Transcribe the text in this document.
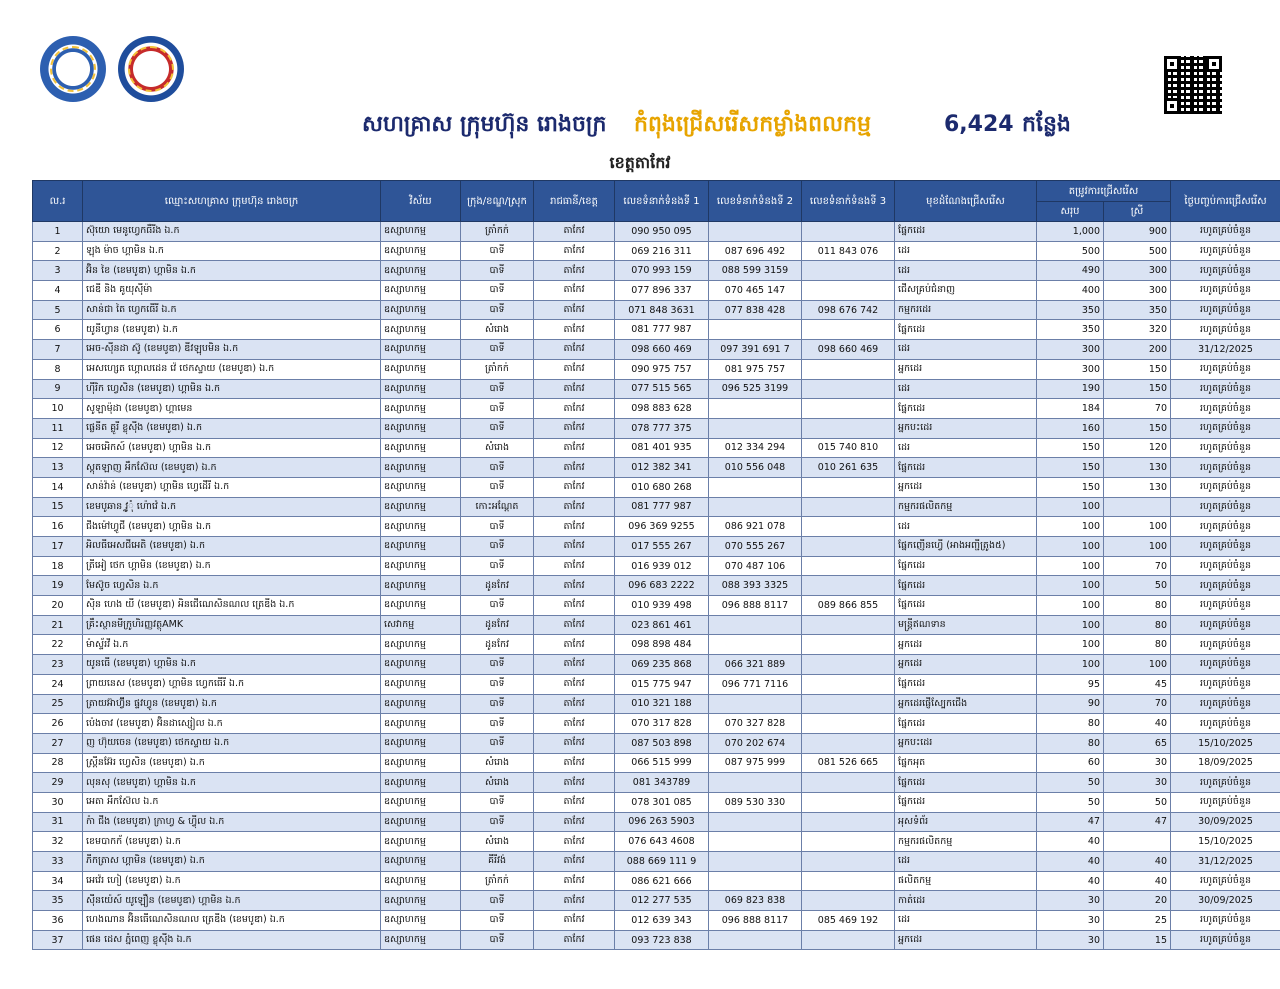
សហគ្រាស ក្រុមហ៊ុន រោងចក្រ កំពុងជ្រើសរើសកម្លាំងពលកម្ម	6,424 កន្លែង
ខេត្តតាកែវ
ល.រ	ឈ្មោះសហគ្រាស ក្រុមហ៊ុន រោងចក្រ	វិស័យ	ក្រុង/ខណ្ឌ/ស្រុក	រាជធានី/ខេត្ត	លេខទំនាក់ទំនងទី 1	លេខទំនាក់ទំនងទី 2	លេខទំនាក់ទំនងទី 3	មុខដំណែងជ្រើសរើស	តម្រូវការជ្រើសរើស		ថ្ងៃបញ្ចប់ការជ្រើសរើស
									សរុប	ស្រី	
1	ស៊ុយោ មេនូហ្វេកធឺរីង ឯ.ក	ឧស្សាហកម្ម	ត្រាំកក់	តាកែវ	090 950 095			ផ្នែកដេរ	1,000	900	រហូតគ្រប់ចំនួន
2	ឡុង ម៉ាច ហ្គាមិន ឯ.ក	ឧស្សាហកម្ម	បាទី	តាកែវ	069 216 311	087 696 492	011 843 076	ដេរ	500	500	រហូតគ្រប់ចំនួន
3	អ៊ិន ខៃ (ខេមបូឌា) ហ្គាមិន ឯ.ក	ឧស្សាហកម្ម	បាទី	តាកែវ	070 993 159	088 599 3159		ដេរ	490	300	រហូតគ្រប់ចំនួន
4	ជេឌី និង គូយុស៊ីម៉ា	ឧស្សាហកម្ម	បាទី	តាកែវ	077 896 337	070 465 147		ជើសគ្រប់ជំនាញ	400	300	រហូតគ្រប់ចំនួន
5	សាន់ជា តៃ ហ្វេកធើរី ឯ.ក	ឧស្សាហកម្ម	បាទី	តាកែវ	071 848 3631	077 838 428	098 676 742	កម្មករដេរ	350	350	រហូតគ្រប់ចំនួន
6	យូនីហ្វាន (ខេមបូឌា) ឯ.ក	ឧស្សាហកម្ម	សំរោង	តាកែវ	081 777 987			ផ្នែកដេរ	350	320	រហូតគ្រប់ចំនួន
7	អេច-ស៊ីនដា ស៊ូ (ខេមបូឌា) ឌីវឡុបមិន ឯ.ក	ឧស្សាហកម្ម	បាទី	តាកែវ	098 660 469	097 391 691 7	098 660 469	ដេរ	300	200	31/12/2025
8	អេសហ្សេត ហ្គោលដេន វ៉េ ថេកស្ទាយ (ខេមបូឌា) ឯ.ក	ឧស្សាហកម្ម	ត្រាំកក់	តាកែវ	090 975 757	081 975 757		អ្នកដេរ	300	150	រហូតគ្រប់ចំនួន
9	ហ៊ីរិក ហ្វេសិន (ខេមបូឌា) ហ្គាមិន ឯ.ក	ឧស្សាហកម្ម	បាទី	តាកែវ	077 515 565	096 525 3199		ដេរ	190	150	រហូតគ្រប់ចំនួន
10	សូឡាម៉ុដា (ខេមបូឌា) ហ្គាមេន	ឧស្សាហកម្ម	បាទី	តាកែវ	098 883 628			ផ្នែកដេរ	184	70	រហូតគ្រប់ចំនួន
11	ផ្លេនីត គ្លូរី ខ្លុស៊ីង (ខេមបូឌា) ឯ.ក	ឧស្សាហកម្ម	បាទី	តាកែវ	078 777 375			អ្នកបះដេរ	160	150	រហូតគ្រប់ចំនួន
12	អេចអេិកស៍ (ខេមបូឌា) ហ្គាមិន ឯ.ក	ឧស្សាហកម្ម	សំរោង	តាកែវ	081 401 935	012 334 294	015 740 810	ដេរ	150	120	រហូតគ្រប់ចំនួន
13	ស្តុតឡាញ អឹកស៊ែល (ខេមបូឌា) ឯ.ក	ឧស្សាហកម្ម	បាទី	តាកែវ	012 382 341	010 556 048	010 261 635	ផ្នែកដេរ	150	130	រហូតគ្រប់ចំនួន
14	សាន់វ៉ាន់ (ខេមបូឌា) ហ្គាមិន ហ្វេដើរី ឯ.ក	ឧស្សាហកម្ម	បាទី	តាកែវ	010 680 268			អ្នកដេរ	150	130	រហូតគ្រប់ចំនួន
15	ខេមបូឆាន វូ្តុំ ហ៉ោវ៉េ ឯ.ក	ឧស្សាហកម្ម	កោះអណ្តែត	តាកែវ	081 777 987			កម្មករផលិតកម្ម	100		រហូតគ្រប់ចំនួន
16	ជីងម៉ៅហ្វូជី (ខេមបូឌា) ហ្គាមិន ឯ.ក	ឧស្សាហកម្ម	បាទី	តាកែវ	096 369 9255	086 921 078		ដេរ	100	100	រហូតគ្រប់ចំនួន
17	អិលធីអេសជីអេតិ (ខេមបូឌា) ឯ.ក	ឧស្សាហកម្ម	បាទី	តាកែវ	017 555 267	070 555 267		ផ្នែកញើនហ្វើ (អាងអញ្ជីត្រូង៥)	100	100	រហូតគ្រប់ចំនួន
18	ត្រីអៀ ថេក ហ្គាមិន (ខេមបូឌា) ឯ.ក	ឧស្សាហកម្ម	បាទី	តាកែវ	016 939 012	070 487 106		ផ្នែកដេរ	100	70	រហូតគ្រប់ចំនួន
19	មែស៊ូច ហ្វេសិន ឯ.ក	ឧស្សាហកម្ម	ដូនកែវ	តាកែវ	096 683 2222	088 393 3325		ផ្នែកដេរ	100	50	រហូតគ្រប់ចំនួន
20	ស៊ិន ហេង យី (ខេមបូឌា) អិនជើណេសិនណល ត្រេឌីង ឯ.ក	ឧស្សាហកម្ម	បាទី	តាកែវ	010 939 498	096 888 8117	089 866 855	ផ្នែកដេរ	100	80	រហូតគ្រប់ចំនួន
21	គ្រឹះស្ថានមីក្រូហិរញ្ញវត្ថុAMK	សេវាកម្ម	ដូនកែវ	តាកែវ	023 861 461			មន្ត្រីឥណទាន	100	80	រហូតគ្រប់ចំនួន
22	ម៉ាស្ទ័រវី ឯ.ក	ឧស្សាហកម្ម	ដូនកែវ	តាកែវ	098 898 484			អ្នកដេរ	100	80	រហូតគ្រប់ចំនួន
23	យូនធើ (ខេមបូឌា) ហ្គាមិន ឯ.ក	ឧស្សាហកម្ម	បាទី	តាកែវ	069 235 868	066 321 889		អ្នកដេរ	100	100	រហូតគ្រប់ចំនួន
24	ព្រាយនេស (ខេមបូឌា) ហ្គាមិន ហ្វេកធើរី ឯ.ក	ឧស្សាហកម្ម	បាទី	តាកែវ	015 775 947	096 771 7116		ផ្នែកដេរ	95	45	រហូតគ្រប់ចំនួន
25	ត្រាយអ៊ាហ៊្វីន ផ្ទវហ្វូន (ខេមបូឌា) ឯ.ក	ឧស្សាហកម្ម	បាទី	តាកែវ	010 321 188			អ្នកដេរផ្ញើស្បែកជើង	90	70	រហូតគ្រប់ចំនួន
26	ប៉េងចាវ (ខេមបូឌា) អ៊ិនដាស្សៀល ឯ.ក	ឧស្សាហកម្ម	បាទី	តាកែវ	070 317 828	070 327 828		ផ្នែកដេរ	80	40	រហូតគ្រប់ចំនួន
27	ញ ហ៊ុយចេន (ខេមបូឌា) ថេកស្ទាយ ឯ.ក	ឧស្សាហកម្ម	បាទី	តាកែវ	087 503 898	070 202 674		អ្នកបះដេរ	80	65	15/10/2025
28	ស្ត្រីនអ៊ែរ ហ្វេសិន (ខេមបូឌា) ឯ.ក	ឧស្សាហកម្ម	សំរោង	តាកែវ	066 515 999	087 975 999	081 526 665	ផ្នែកអុត	60	30	18/09/2025
29	លុនសុ (ខេមបូឌា) ហ្គាមិន ឯ.ក	ឧស្សាហកម្ម	សំរោង	តាកែវ	081 343789			ផ្នែកដេរ	50	30	រហូតគ្រប់ចំនួន
30	អេតា អឹកស៊ែល ឯ.ក	ឧស្សាហកម្ម	បាទី	តាកែវ	078 301 085	089 530 330		ផ្នែកដេរ	50	50	រហូតគ្រប់ចំនួន
31	ក៉ា ជីង (ខេមបូឌា) ក្រាហ្វ & ហ្វ៉ីល ឯ.ក	ឧស្សាហកម្ម	បាទី	តាកែវ	096 263 5903			អុសទំព័រ	47	47	30/09/2025
32	ខេមបាកក័ (ខេមបូឌា) ឯ.ក	ឧស្សាហកម្ម	សំរោង	តាកែវ	076 643 4608			កម្មករផលិតកម្ម	40		15/10/2025
33	ភីកត្រាស ហ្គាមិន (ខេមបូឌា) ឯ.ក	ឧស្សាហកម្ម	គីរីវង់	តាកែវ	088 669 111 9			ដេរ	40	40	31/12/2025
34	អេវ៉េរ ហៀ (ខេមបូឌា) ឯ.ក	ឧស្សាហកម្ម	ត្រាំកក់	តាកែវ	086 621 666			ផលិតកម្ម	40	40	រហូតគ្រប់ចំនួន
35	ស៊ីនយ៉េស៍ យូឡឿន (ខេមបូឌា) ហ្គាមិន ឯ.ក	ឧស្សាហកម្ម	បាទី	តាកែវ	012 277 535	069 823 838		កាត់ដេរ	30	20	30/09/2025
36	ហេងណាន អ៊ិនធើណេសិនណល ត្រេឌីង (ខេមបូឌា) ឯ.ក	ឧស្សាហកម្ម	បាទី	តាកែវ	012 639 343	096 888 8117	085 469 192	ដេរ	30	25	រហូតគ្រប់ចំនួន
37	ផេន ដេស ភ្នំពេញ ខ្លុស៊ីង ឯ.ក	ឧស្សាហកម្ម	បាទី	តាកែវ	093 723 838			អ្នកដេរ	30	15	រហូតគ្រប់ចំនួន
